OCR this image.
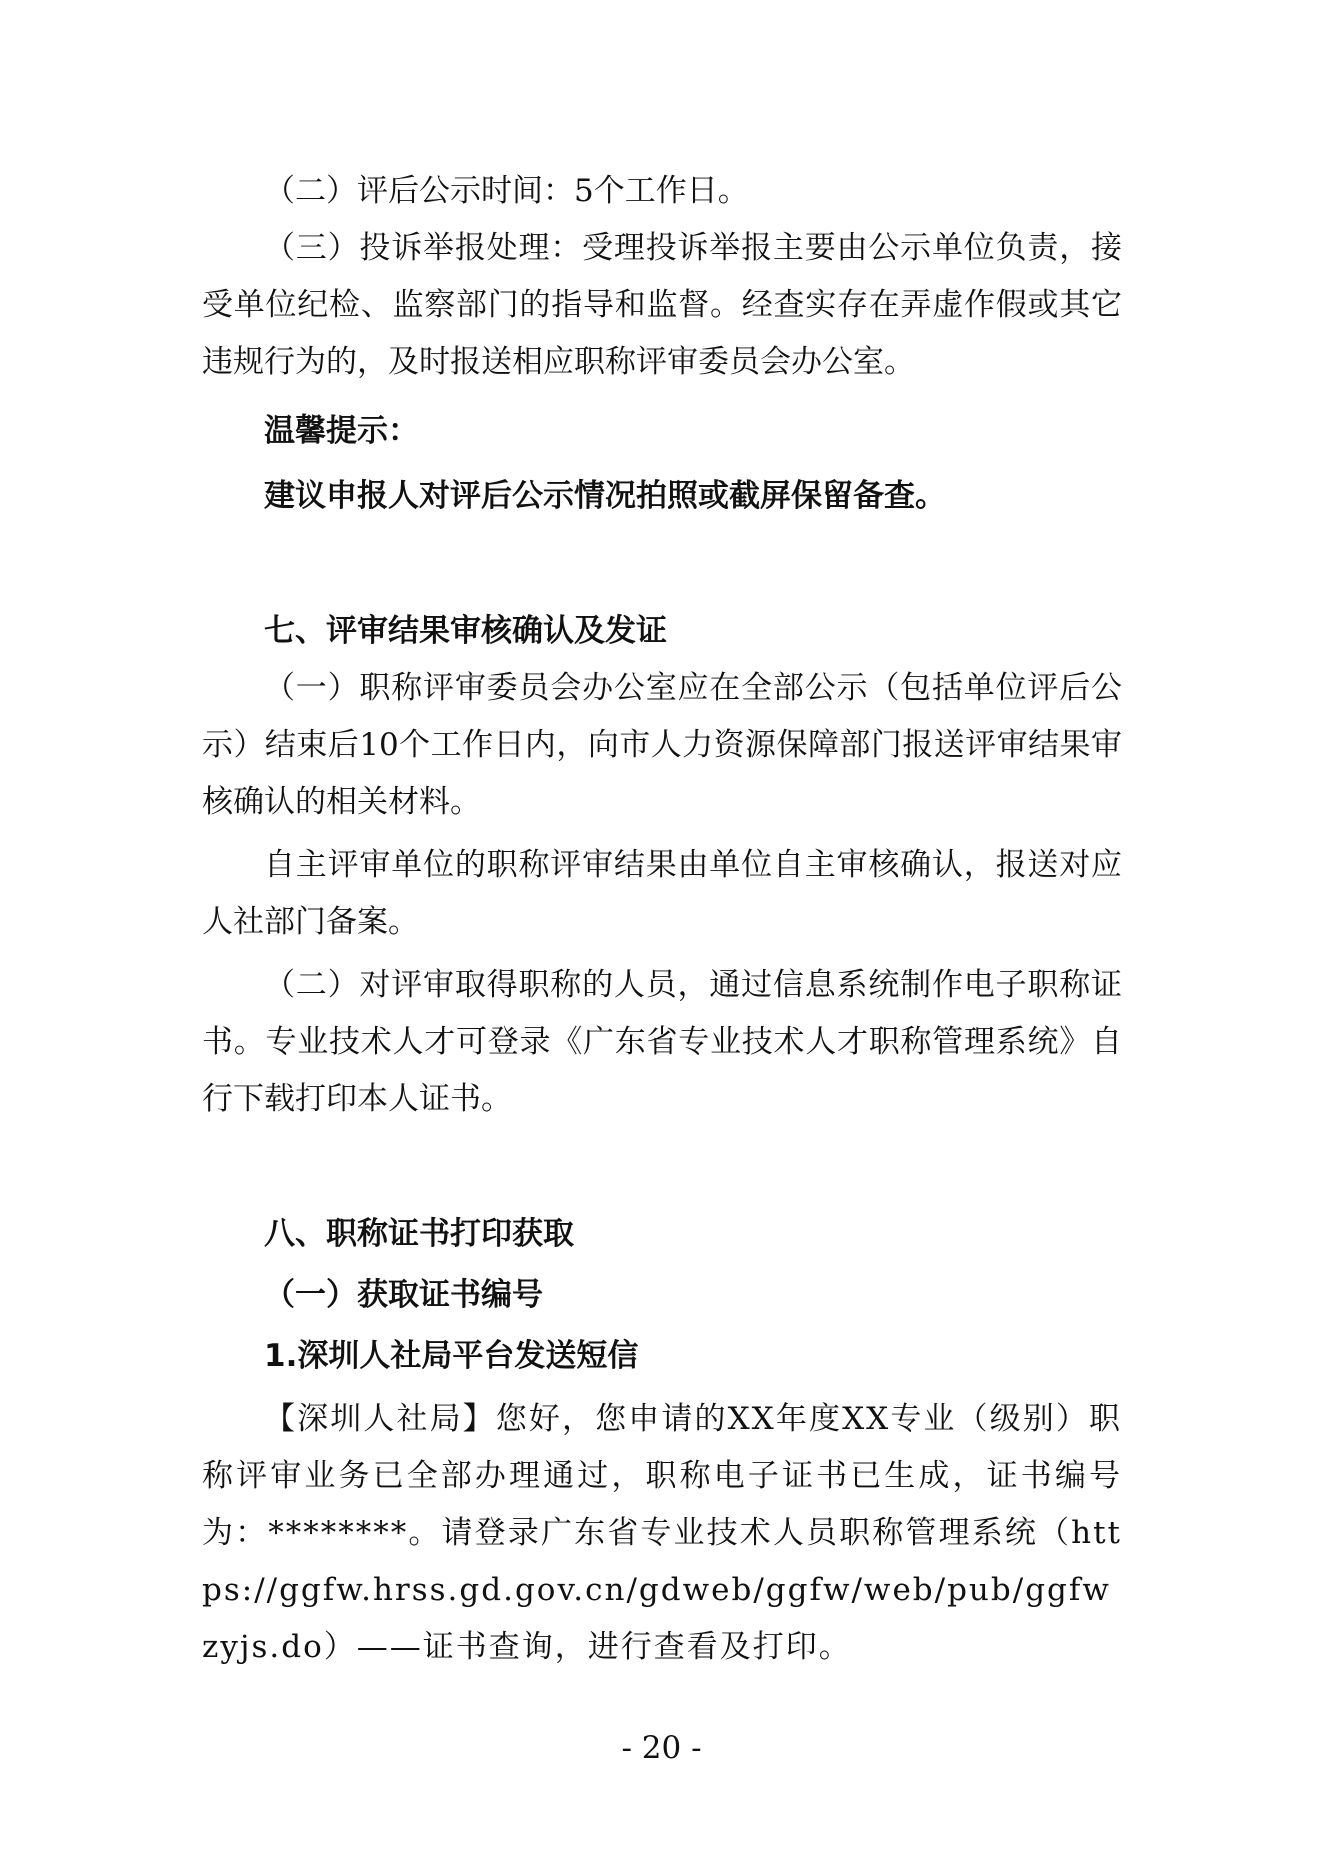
（二）评后公示时间：5个工作日。

（三）投诉举报处理：受理投诉举报主要由公示单位负责，接受单位纪检、监察部门的指导和监督。经查实存在弄虚作假或其它违规行为的，及时报送相应职称评审委员会办公室。

温馨提示：

建议申报人对评后公示情况拍照或截屏保留备查。

七、评审结果审核确认及发证

（一）职称评审委员会办公室应在全部公示（包括单位评后公示）结束后10个工作日内，向市人力资源保障部门报送评审结果审核确认的相关材料。

自主评审单位的职称评审结果由单位自主审核确认，报送对应人社部门备案。

（二）对评审取得职称的人员，通过信息系统制作电子职称证书。专业技术人才可登录《广东省专业技术人才职称管理系统》自行下载打印本人证书。

八、职称证书打印获取

（一）获取证书编号

1.深圳人社局平台发送短信

【深圳人社局】您好，您申请的XX年度XX专业（级别）职称评审业务已全部办理通过，职称电子证书已生成，证书编号为：********。请登录广东省专业技术人员职称管理系统（https://ggfw.hrss.gd.gov.cn/gdweb/ggfw/web/pub/ggfwzyjs.do）——证书查询，进行查看及打印。

- 20 -
